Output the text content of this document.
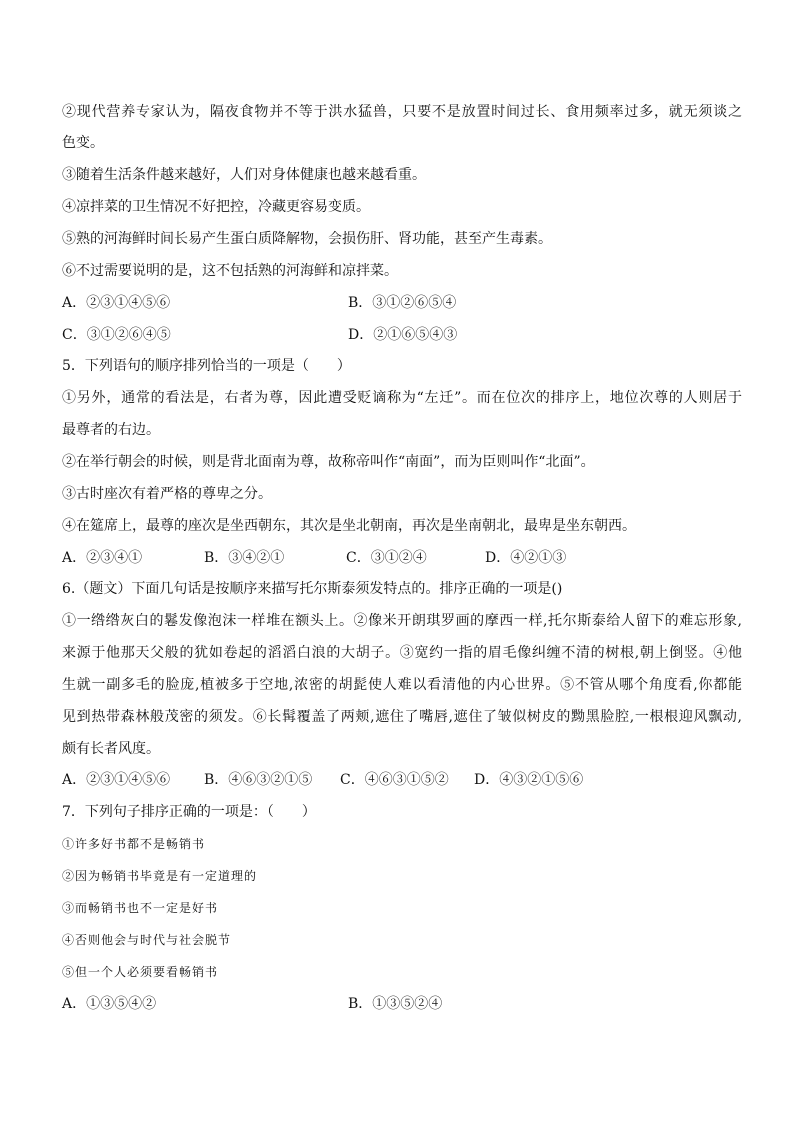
②现代营养专家认为，隔夜食物并不等于洪水猛兽，只要不是放置时间过长、食用频率过多，就无须谈之
色变。
③随着生活条件越来越好，人们对身体健康也越来越看重。
④凉拌菜的卫生情况不好把控，冷藏更容易变质。
⑤熟的河海鲜时间长易产生蛋白质降解物，会损伤肝、肾功能，甚至产生毒素。
⑥不过需要说明的是，这不包括熟的河海鲜和凉拌菜。
A．②③①④⑤⑥	B．③①②⑥⑤④
C．③①②⑥④⑤	D．②①⑥⑤④③
5．下列语句的顺序排列恰当的一项是（　　）
①另外，通常的看法是，右者为尊，因此遭受贬谪称为“左迁”。而在位次的排序上，地位次尊的人则居于
最尊者的右边。
②在举行朝会的时候，则是背北面南为尊，故称帝叫作“南面”，而为臣则叫作“北面”。
③古时座次有着严格的尊卑之分。
④在筵席上，最尊的座次是坐西朝东，其次是坐北朝南，再次是坐南朝北，最卑是坐东朝西。
A．②③④①	B．③④②①	C．③①②④	D．④②①③
6.（题文）下面几句话是按顺序来描写托尔斯泰须发特点的。排序正确的一项是()
①一绺绺灰白的鬈发像泡沫一样堆在额头上。②像米开朗琪罗画的摩西一样,托尔斯泰给人留下的难忘形象,
来源于他那天父般的犹如卷起的滔滔白浪的大胡子。③宽约一指的眉毛像纠缠不清的树根,朝上倒竖。④他
生就一副多毛的脸庞,植被多于空地,浓密的胡髭使人难以看清他的内心世界。⑤不管从哪个角度看,你都能
见到热带森林般茂密的须发。⑥长髯覆盖了两颊,遮住了嘴唇,遮住了皱似树皮的黝黑脸腔,一根根迎风飘动,
颇有长者风度。
A．②③①④⑤⑥ B．④⑥③②①⑤ C．④⑥③①⑤② D．④③②①⑤⑥
7．下列句子排序正确的一项是：（　　）
①许多好书都不是畅销书
②因为畅销书毕竟是有一定道理的
③而畅销书也不一定是好书
④否则他会与时代与社会脱节
⑤但一个人必须要看畅销书
A．①③⑤④②	B．①③⑤②④
